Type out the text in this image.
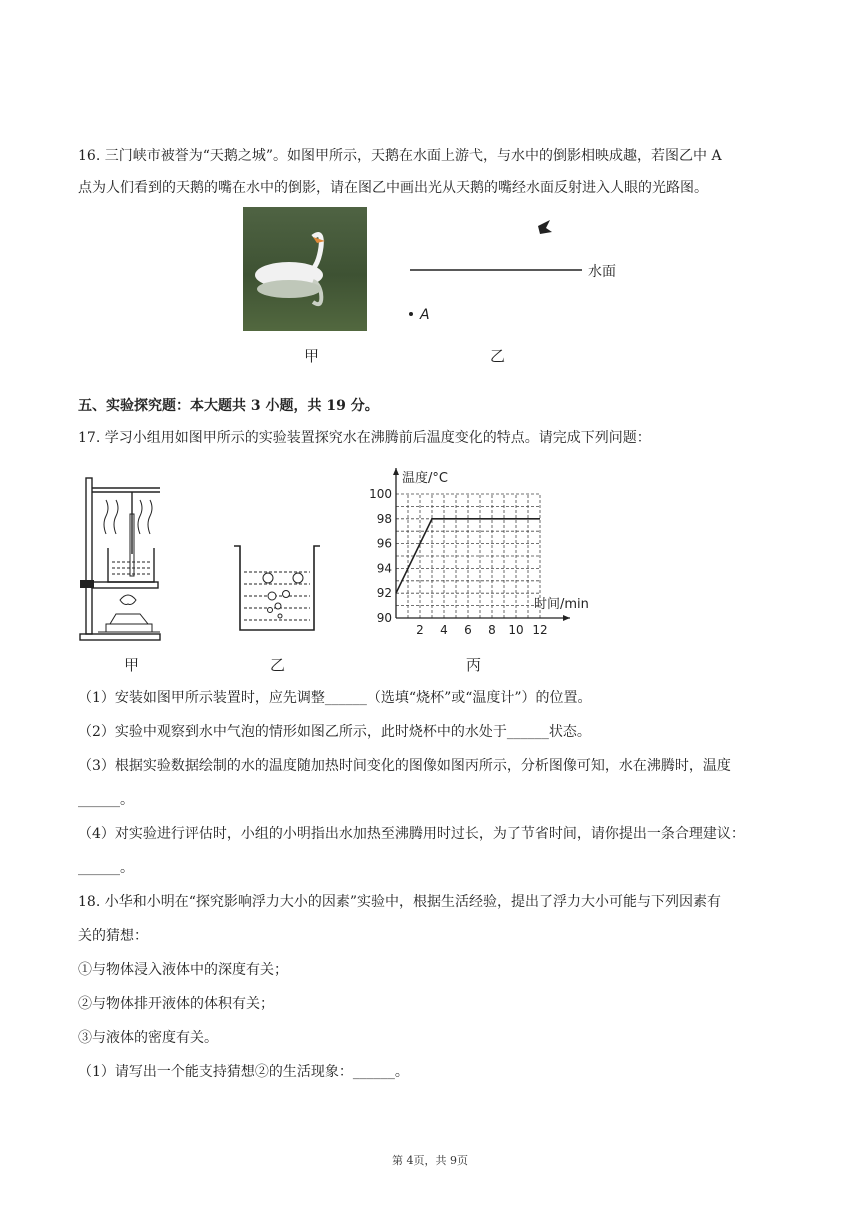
16. 三门峡市被誉为“天鹅之城”。如图甲所示，天鹅在水面上游弋，与水中的倒影相映成趣，若图乙中 A
点为人们看到的天鹅的嘴在水中的倒影，请在图乙中画出光从天鹅的嘴经水面反射进入人眼的光路图。
水面
A
甲	乙
五、实验探究题：本大题共 3 小题，共 19 分。
17. 学习小组用如图甲所示的实验装置探究水在沸腾前后温度变化的特点。请完成下列问题：
甲	乙
温度/°C
时间/min
2 4 6 8 10 12
90
92
94
96
98
100
丙
（1）安装如图甲所示装置时，应先调整______（选填“烧杯”或“温度计”）的位置。
（2）实验中观察到水中气泡的情形如图乙所示，此时烧杯中的水处于______状态。
（3）根据实验数据绘制的水的温度随加热时间变化的图像如图丙所示，分析图像可知，水在沸腾时，温度
______。
（4）对实验进行评估时，小组的小明指出水加热至沸腾用时过长，为了节省时间，请你提出一条合理建议：
______。
18. 小华和小明在“探究影响浮力大小的因素”实验中，根据生活经验，提出了浮力大小可能与下列因素有
关的猜想：
①与物体浸入液体中的深度有关；
②与物体排开液体的体积有关；
③与液体的密度有关。
（1）请写出一个能支持猜想②的生活现象：______。
第 4页，共 9页
